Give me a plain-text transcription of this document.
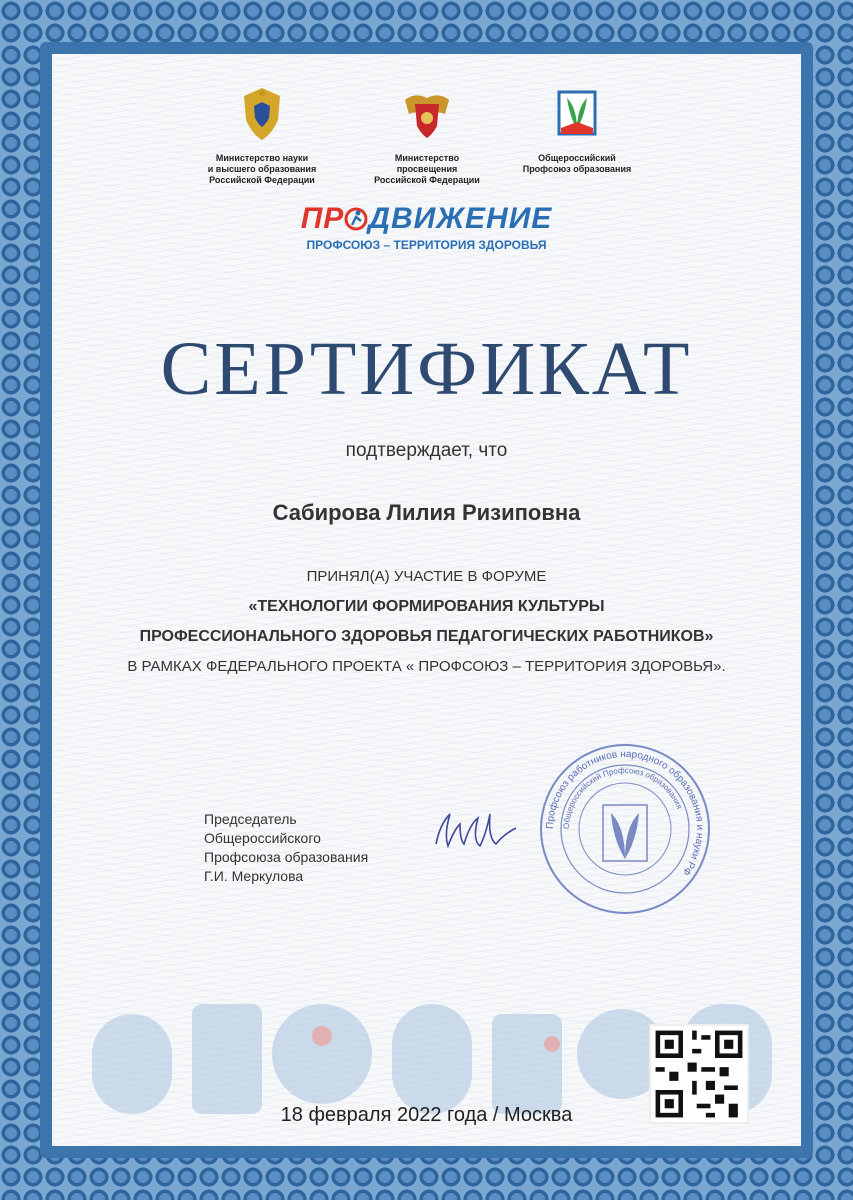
Министерство науки
и высшего образования
Российской Федерации
Министерство
просвещения
Российской Федерации
Общероссийский
Профсоюз образования
ПР ДВИЖЕНИЕ
ПРОФСОЮЗ – ТЕРРИТОРИЯ ЗДОРОВЬЯ
СЕРТИФИКАТ
подтверждает, что
Сабирова Лилия Ризиповна
ПРИНЯЛ(А) УЧАСТИЕ В ФОРУМЕ
«ТЕХНОЛОГИИ ФОРМИРОВАНИЯ КУЛЬТУРЫ
ПРОФЕССИОНАЛЬНОГО ЗДОРОВЬЯ ПЕДАГОГИЧЕСКИХ РАБОТНИКОВ»
В РАМКАХ ФЕДЕРАЛЬНОГО ПРОЕКТА « ПРОФСОЮЗ – ТЕРРИТОРИЯ ЗДОРОВЬЯ».
Председатель
Общероссийского
Профсоюза образования
Г.И. Меркулова
Профсоюз работников народного образования и науки РФ
Общероссийский Профсоюз образования
18 февраля 2022 года / Москва
